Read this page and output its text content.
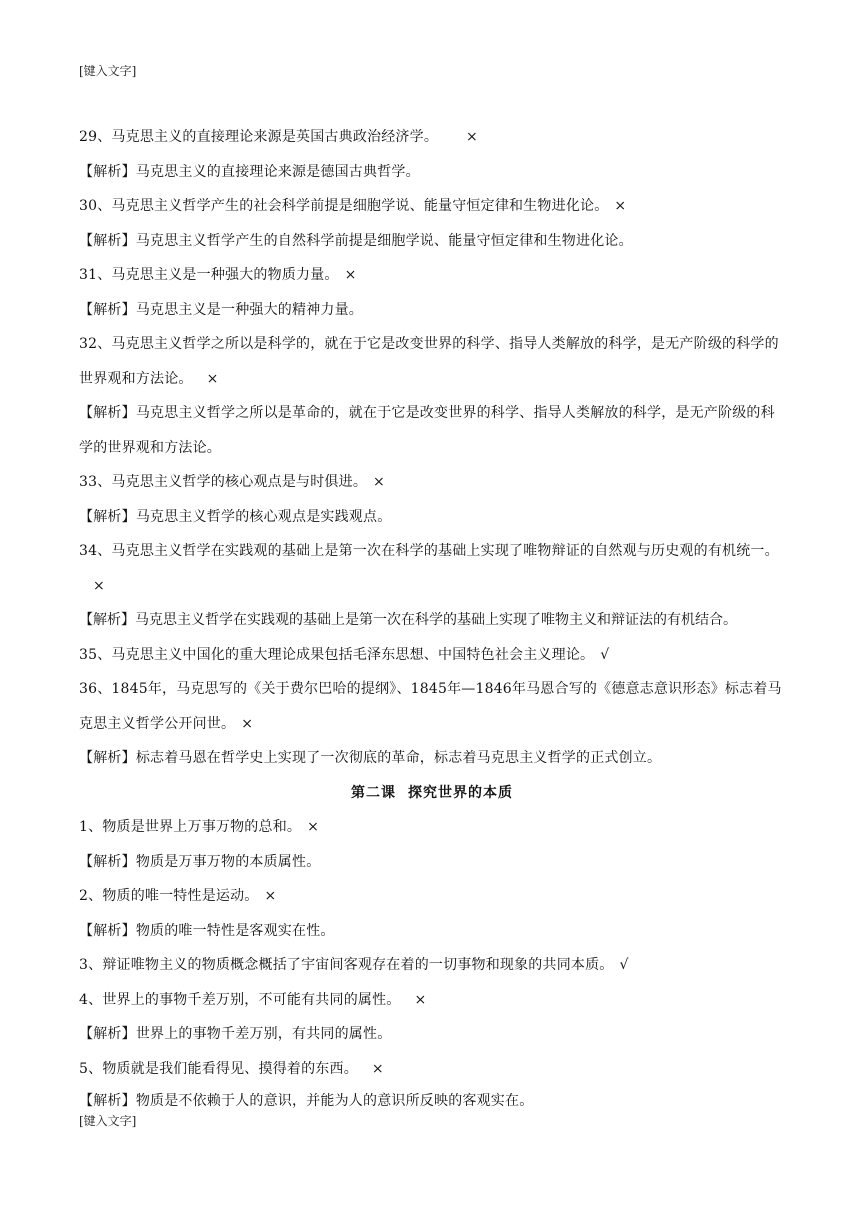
[键入文字]

29、马克思主义的直接理论来源是英国古典政治经济学。 ×

【解析】马克思主义的直接理论来源是德国古典哲学。

30、马克思主义哲学产生的社会科学前提是细胞学说、能量守恒定律和生物进化论。 ×

【解析】马克思主义哲学产生的自然科学前提是细胞学说、能量守恒定律和生物进化论。

31、马克思主义是一种强大的物质力量。 ×

【解析】马克思主义是一种强大的精神力量。

32、马克思主义哲学之所以是科学的，就在于它是改变世界的科学、指导人类解放的科学，是无产阶级的科学的世界观和方法论。 ×

【解析】马克思主义哲学之所以是革命的，就在于它是改变世界的科学、指导人类解放的科学，是无产阶级的科学的世界观和方法论。

33、马克思主义哲学的核心观点是与时俱进。 ×

【解析】马克思主义哲学的核心观点是实践观点。

34、马克思主义哲学在实践观的基础上是第一次在科学的基础上实现了唯物辩证的自然观与历史观的有机统一。×

【解析】马克思主义哲学在实践观的基础上是第一次在科学的基础上实现了唯物主义和辩证法的有机结合。

35、马克思主义中国化的重大理论成果包括毛泽东思想、中国特色社会主义理论。 √

36、1845年，马克思写的《关于费尔巴哈的提纲》、1845年—1846年马恩合写的《德意志意识形态》标志着马克思主义哲学公开问世。 ×

【解析】标志着马恩在哲学史上实现了一次彻底的革命，标志着马克思主义哲学的正式创立。

第二课 探究世界的本质

1、物质是世界上万事万物的总和。 ×

【解析】物质是万事万物的本质属性。

2、物质的唯一特性是运动。 ×

【解析】物质的唯一特性是客观实在性。

3、辩证唯物主义的物质概念概括了宇宙间客观存在着的一切事物和现象的共同本质。 √

4、世界上的事物千差万别，不可能有共同的属性。 ×

【解析】世界上的事物千差万别，有共同的属性。

5、物质就是我们能看得见、摸得着的东西。 ×

【解析】物质是不依赖于人的意识，并能为人的意识所反映的客观实在。

[键入文字]
